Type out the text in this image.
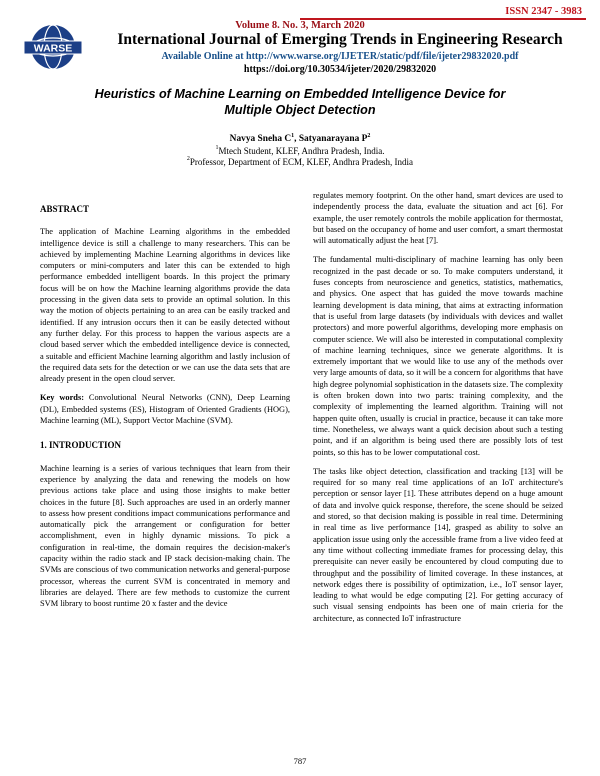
ISSN 2347 - 3983
WARSE
Volume 8. No. 3, March 2020
International Journal of Emerging Trends in Engineering Research
Available Online at http://www.warse.org/IJETER/static/pdf/file/ijeter29832020.pdf
https://doi.org/10.30534/ijeter/2020/29832020
Heuristics of Machine Learning on Embedded Intelligence Device for
Multiple Object Detection
Navya Sneha $C^1$, Satyanarayana $P^2$
$^1$Mtech Student, KLEF, Andhra Pradesh, India.
$^2$Professor, Department of ECM, KLEF, Andhra Pradesh, India
ABSTRACT

The application of Machine Learning algorithms in the embedded intelligence device is still a challenge to many researchers. This can be achieved by implementing Machine Learning algorithms in devices like computers or mini-computers and later this can be extended to high performance embedded intelligent boards. In this project the primary focus will be on how the Machine learning algorithms provide the data processing in the given data sets to provide an optimal solution. In this way the motion of objects pertaining to an area can be easily tracked and identified. If any intrusion occurs then it can be easily detected without any further delay. For this process to happen the various aspects are a cloud based server which the embedded intelligence device is connected, a suitable and efficient Machine learning algorithm and lastly inclusion of the required data sets for the detection or we can use the data sets that are already present in the open cloud server.

Key words: Convolutional Neural Networks (CNN), Deep Learning (DL), Embedded systems (ES), Histogram of Oriented Gradients (HOG), Machine learning (ML), Support Vector Machine (SVM).

1. INTRODUCTION

Machine learning is a series of various techniques that learn from their experience by analyzing the data and renewing the models on how previous actions take place and using those insights to make better choices in the future [8]. Such approaches are used in an orderly manner to assess how present conditions impact communications performance and automatically pick the arrangement or configuration for better accomplishment, even in highly dynamic missions. To pick a configuration in real-time, the domain requires the decision-maker's capacity within the radio stack and IP stack decision-making chain. The SVMs are conscious of two communication networks and general-purpose processor, whereas the current SVM is concentrated in memory and libraries are delayed. There are few methods to customize the current SVM library to boost runtime 20 x faster and the device

regulates memory footprint. On the other hand, smart devices are used to independently process the data, evaluate the situation and act [6]. For example, the user remotely controls the mobile application for thermostat, but based on the occupancy of home and user comfort, a smart thermostat will automatically adjust the heat [7].

The fundamental multi-disciplinary of machine learning has only been recognized in the past decade or so. To make computers understand, it fuses concepts from neuroscience and genetics, statistics, mathematics, and physics. One aspect that has guided the move towards machine learning development is data mining, that aims at extracting information that is useful from large datasets (by individuals with devices and wallet protectors) and more powerful algorithms, developing more emphasis on computer science. We will also be interested in computational complexity of machine learning techniques, since we generate algorithms. It is extremely important that we would like to use any of the methods over very large amounts of data, so it will be a concern for algorithms that have high degree polynomial sophistication in the datasets size. The complexity is often broken down into two parts: training complexity, and the complexity of implementing the learned algorithm. Training will not happen quite often, usually is crucial in practice, because it can take more time. Nonetheless, we always want a quick decision about such a testing point, and if an algorithm is being used there are possibly lots of test points, so this has to be lower computational cost.

The tasks like object detection, classification and tracking [13] will be required for so many real time applications of an IoT architecture's perception or sensor layer [1]. These attributes depend on a huge amount of data and involve quick response, therefore, the scene should be seized and stored, so that decision making is possible in real time. Determining in real time as live performance [14], grasped as ability to solve an application issue using only the accessible frame from a live video feed at any time without collecting immediate frames for processing delay, this prerequisite can never easily be encountered by cloud computing due to throughput and the possibility of limited coverage. In these instances, at network edges there is possibility of optimization, i.e., IoT sensor layer, leading to what would be edge computing [2]. For getting accuracy of such visual sensing endpoints has been one of main crieria for the architecture, as connected IoT infrastructure

787
